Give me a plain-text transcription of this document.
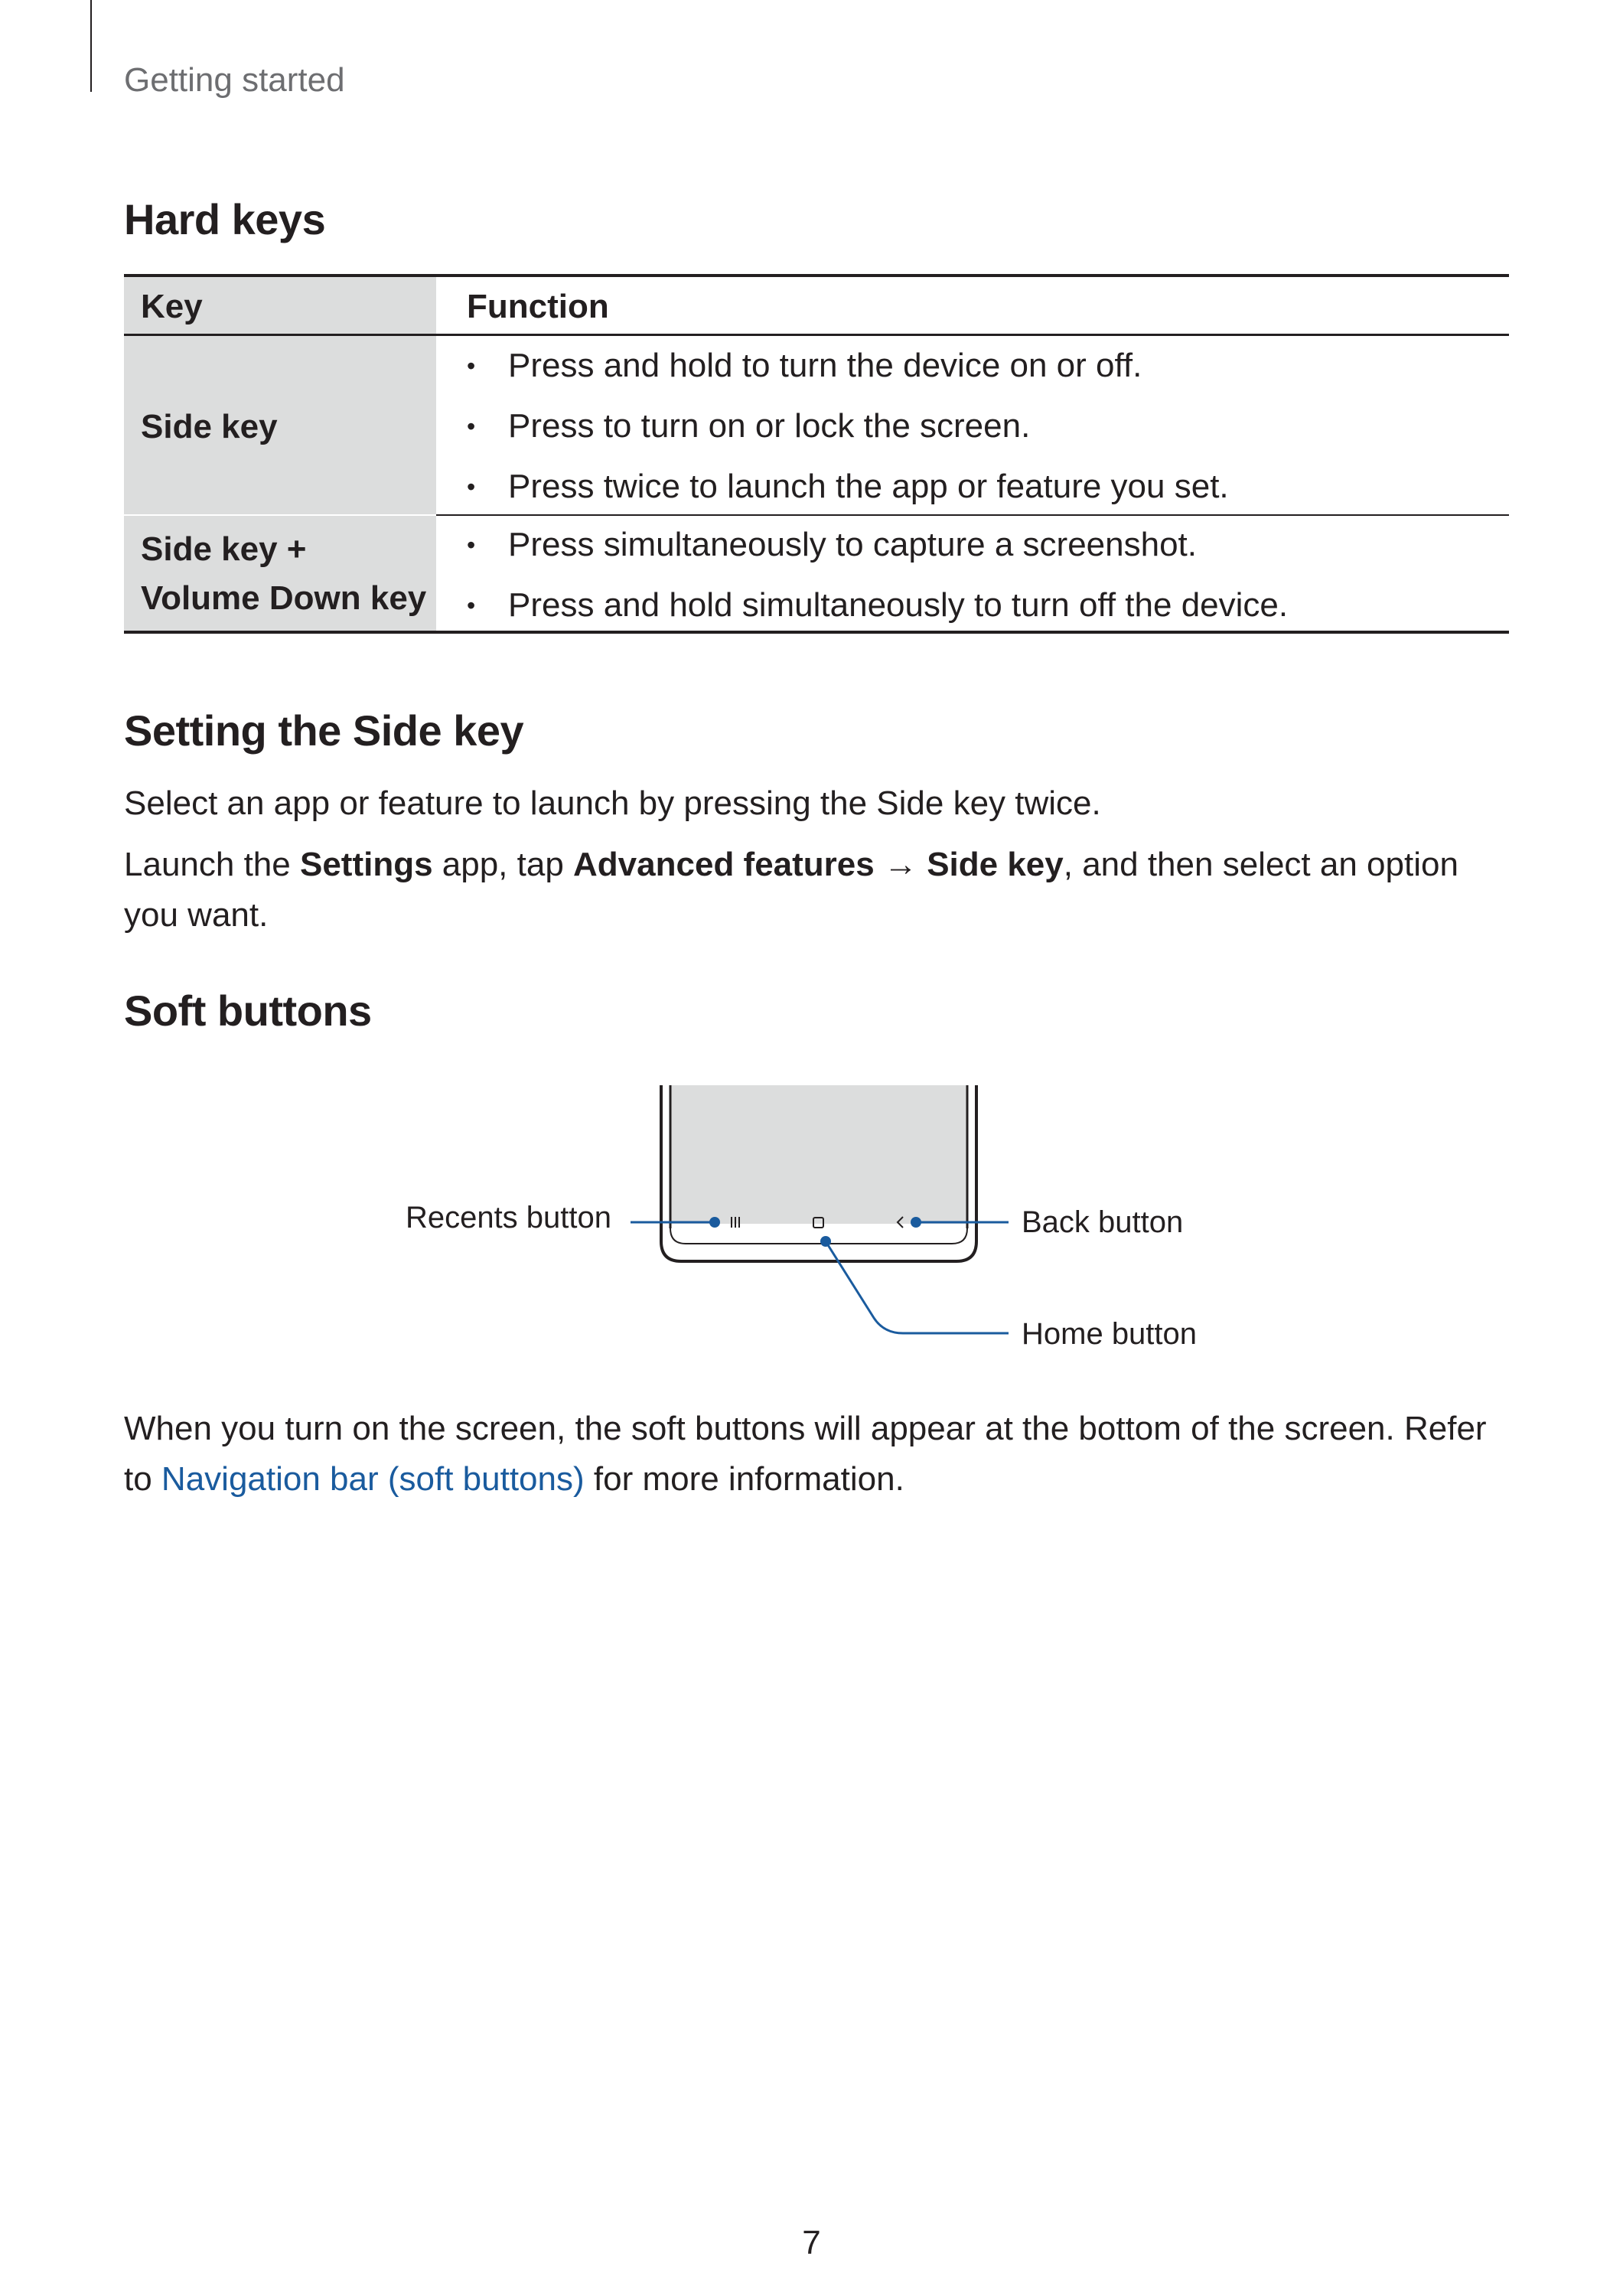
Getting started
Hard keys
Key	Function
Side key
• Press and hold to turn the device on or off.
• Press to turn on or lock the screen.
• Press twice to launch the app or feature you set.
Side key +
Volume Down key
• Press simultaneously to capture a screenshot.
• Press and hold simultaneously to turn off the device.
Setting the Side key

Select an app or feature to launch by pressing the Side key twice.

Launch the Settings app, tap Advanced features → Side key, and then select an option you want.

Soft buttons
Recents button	Back button
Home button

When you turn on the screen, the soft buttons will appear at the bottom of the screen. Refer to Navigation bar (soft buttons) for more information.

7
